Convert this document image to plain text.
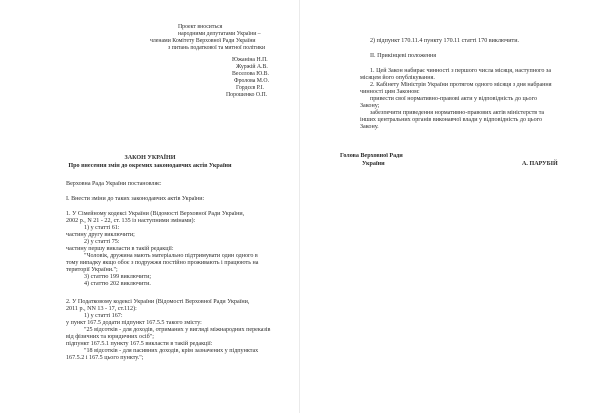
Проект вноситься
народними депутатами України –
членами Комітету Верховної Ради України
з питань податкової та митної політики
Южаніна Н.П.
Журжій А.В.
Веселова Ю.В.
Фролова М.О.
Гордєєв Р.І.
Порошенко О.П.
ЗАКОН УКРАЇНИ
Про внесення змін до окремих законодавчих актів України
Верховна Рада України постановляє:
I. Внести зміни до таких законодавчих актів України:
1. У Сімейному кодексі України (Відомості Верховної Ради України,
2002 р., N 21 - 22, ст. 135 із наступними змінами):
1) у статті 61:
частину другу виключити;
2) у статті 75:
частину першу викласти в такій редакції:
"Чоловік, дружина мають матеріально підтримувати один одного в
тому випадку якщо обоє з подружжя постійно проживають і працюють на
території України.";
3) статтю 199 виключити;
4) статтю 202 виключити.
2. У Податковому кодексі України (Відомості Верховної Ради України,
2011 р., NN 13 - 17, ст.112):
1) у статті 167:
у пункт 167.5 додати підпункт 167.5.5 такого змісту:
"25 відсотків - для доходів, отриманих у вигляді міжнародних переказів
від фізичних та юридичних осіб";
підпункт 167.5.1 пункту 167.5 викласти в такій редакції:
"18 відсотків - для пасивних доходів, крім зазначених у підпунктах
167.5.2 і 167.5 цього пункту.";
2) підпункт 170.11.4 пункту 170.11 статті 170 виключити.
II. Прикінцеві положення
1. Цей Закон набирає чинності з першого числа місяця, наступного за
місяцем його опублікування.
2. Кабінету Міністрів України протягом одного місяця з дня набрання
чинності цим Законом:
привести свої нормативно-правові акти у відповідність до цього
Закону;
забезпечити приведення нормативно-правових актів міністерств та
інших центральних органів виконавчої влади у відповідність до цього
Закону.
Голова Верховної Ради
України	А. ПАРУБІЙ
